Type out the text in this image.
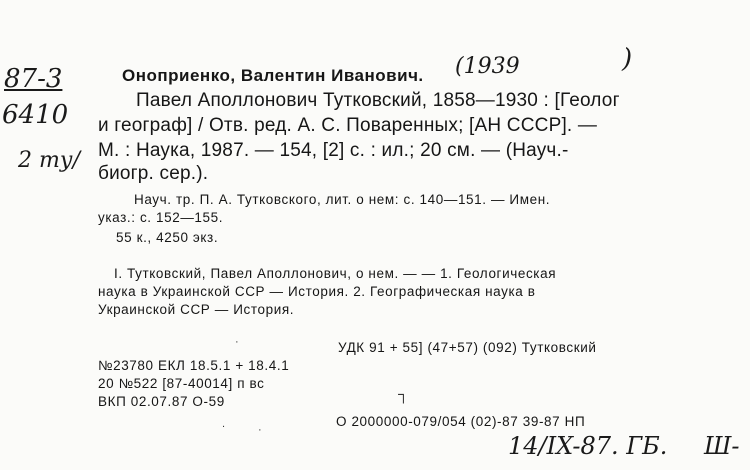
87-3
6410
2 ту/
(1939	)
14/IX-87. ГБ. Ш-
Оноприенко, Валентин Иванович.
Павел Аполлонович Тутковский, 1858—1930 : [Геолог
и географ] / Отв. ред. А. С. Поваренных; [АН СССР]. —
М. : Наука, 1987. — 154, [2] с. : ил.; 20 см. — (Науч.-
биогр. сер.).
Науч. тр. П. А. Тутковского, лит. о нем: с. 140—151. — Имен.
указ.: с. 152—155.
55 к., 4250 экз.
I. Тутковский, Павел Аполлонович, о нем. — — 1. Геологическая
наука в Украинской ССР — История. 2. Географическая наука в
Украинской ССР — История.
УДК 91 + 55] (47+57) (092) Тутковский
№23780 ЕКЛ 18.5.1 + 18.4.1
20 №522 [87-40014] п вс
ВКП 02.07.87 О-59
О 2000000-079/054 (02)-87 39-87 НП
·
┐
.	·
